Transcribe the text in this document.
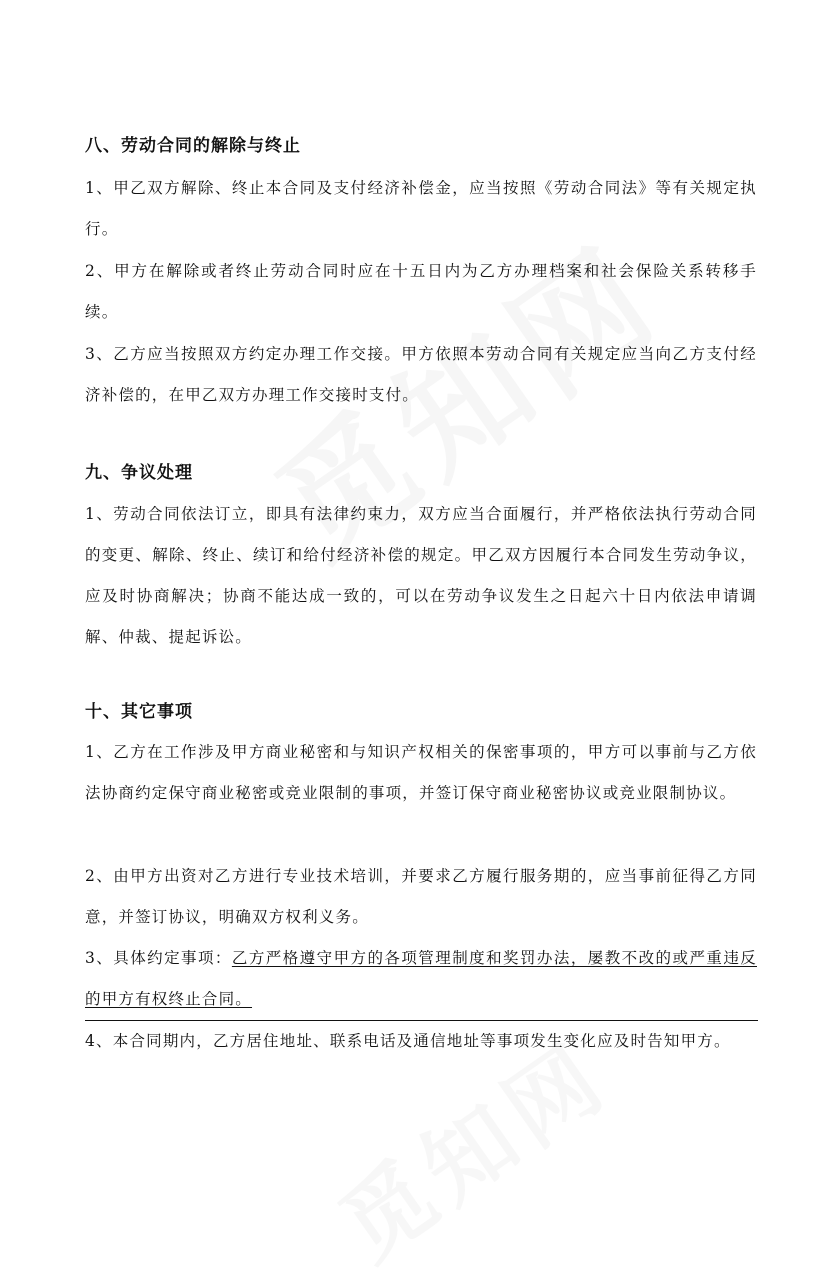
八、劳动合同的解除与终止

1、甲乙双方解除、终止本合同及支付经济补偿金，应当按照《劳动合同法》等有关规定执行。

2、甲方在解除或者终止劳动合同时应在十五日内为乙方办理档案和社会保险关系转移手续。

3、乙方应当按照双方约定办理工作交接。甲方依照本劳动合同有关规定应当向乙方支付经济补偿的，在甲乙双方办理工作交接时支付。

九、争议处理

1、劳动合同依法订立，即具有法律约束力，双方应当合面履行，并严格依法执行劳动合同的变更、解除、终止、续订和给付经济补偿的规定。甲乙双方因履行本合同发生劳动争议，应及时协商解决；协商不能达成一致的，可以在劳动争议发生之日起六十日内依法申请调解、仲裁、提起诉讼。

十、其它事项

1、乙方在工作涉及甲方商业秘密和与知识产权相关的保密事项的，甲方可以事前与乙方依法协商约定保守商业秘密或竞业限制的事项，并签订保守商业秘密协议或竞业限制协议。

2、由甲方出资对乙方进行专业技术培训，并要求乙方履行服务期的，应当事前征得乙方同意，并签订协议，明确双方权利义务。

3、具体约定事项：乙方严格遵守甲方的各项管理制度和奖罚办法，屡教不改的或严重违反的甲方有权终止合同。

4、本合同期内，乙方居住地址、联系电话及通信地址等事项发生变化应及时告知甲方。
